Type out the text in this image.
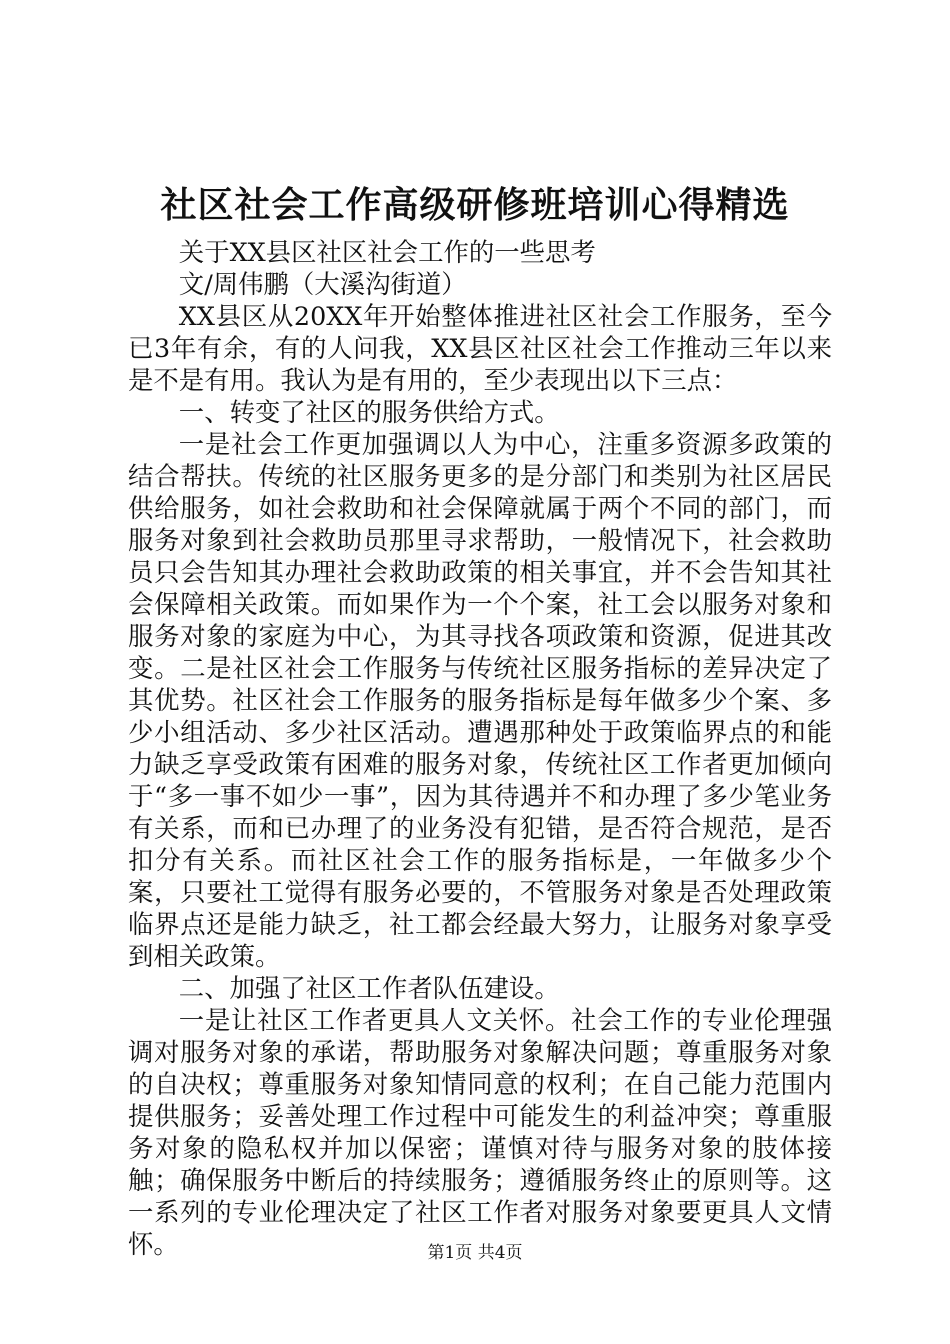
社区社会工作高级研修班培训心得精选

关于XX县区社区社会工作的一些思考

文/周伟鹏（大溪沟街道）

XX县区从20XX年开始整体推进社区社会工作服务，至今已3年有余，有的人问我，XX县区社区社会工作推动三年以来是不是有用。我认为是有用的，至少表现出以下三点：

一、转变了社区的服务供给方式。

一是社会工作更加强调以人为中心，注重多资源多政策的结合帮扶。传统的社区服务更多的是分部门和类别为社区居民供给服务，如社会救助和社会保障就属于两个不同的部门，而服务对象到社会救助员那里寻求帮助，一般情况下，社会救助员只会告知其办理社会救助政策的相关事宜，并不会告知其社会保障相关政策。而如果作为一个个案，社工会以服务对象和服务对象的家庭为中心，为其寻找各项政策和资源，促进其改变。二是社区社会工作服务与传统社区服务指标的差异决定了其优势。社区社会工作服务的服务指标是每年做多少个案、多少小组活动、多少社区活动。遭遇那种处于政策临界点的和能力缺乏享受政策有困难的服务对象，传统社区工作者更加倾向于“多一事不如少一事”，因为其待遇并不和办理了多少笔业务有关系，而和已办理了的业务没有犯错，是否符合规范，是否扣分有关系。而社区社会工作的服务指标是，一年做多少个案，只要社工觉得有服务必要的，不管服务对象是否处理政策临界点还是能力缺乏，社工都会经最大努力，让服务对象享受到相关政策。

二、加强了社区工作者队伍建设。

一是让社区工作者更具人文关怀。社会工作的专业伦理强调对服务对象的承诺，帮助服务对象解决问题；尊重服务对象的自决权；尊重服务对象知情同意的权利；在自己能力范围内提供服务；妥善处理工作过程中可能发生的利益冲突；尊重服务对象的隐私权并加以保密；谨慎对待与服务对象的肢体接触；确保服务中断后的持续服务；遵循服务终止的原则等。这一系列的专业伦理决定了社区工作者对服务对象要更具人文情怀。	第1页 共4页
